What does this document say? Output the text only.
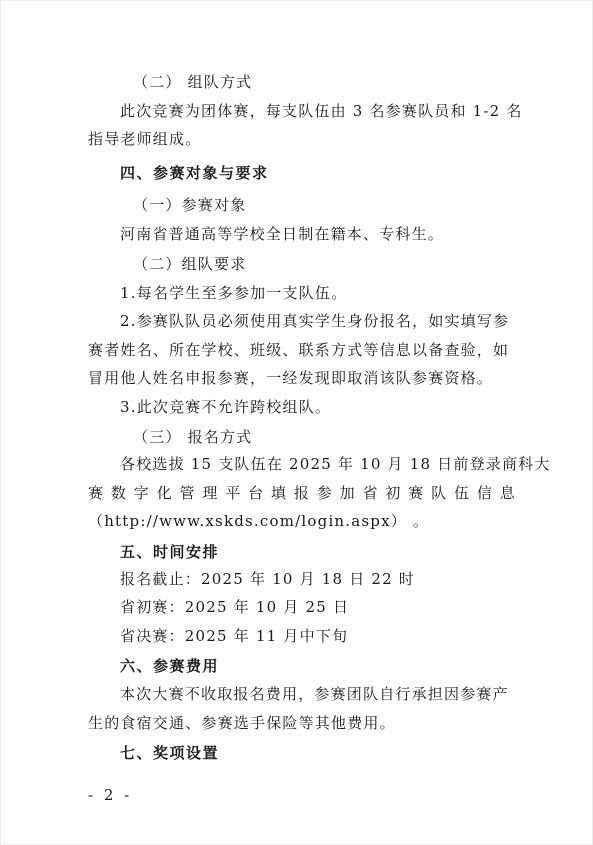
（二） 组队方式
此次竞赛为团体赛，每支队伍由 3 名参赛队员和 1-2 名
指导老师组成。
四、参赛对象与要求
（一）参赛对象
河南省普通高等学校全日制在籍本、专科生。
（二）组队要求
1.每名学生至多参加一支队伍。
2.参赛队队员必须使用真实学生身份报名，如实填写参
赛者姓名、所在学校、班级、联系方式等信息以备查验，如
冒用他人姓名申报参赛，一经发现即取消该队参赛资格。
3.此次竞赛不允许跨校组队。
（三） 报名方式
各校选拔 15 支队伍在 2025 年 10 月 18 日前登录商科大
赛数字化管理平台填报参加省初赛队伍信息
（http://www.xskds.com/login.aspx） 。
五、时间安排
报名截止：2025 年 10 月 18 日 22 时
省初赛：2025 年 10 月 25 日
省决赛：2025 年 11 月中下旬
六、参赛费用
本次大赛不收取报名费用，参赛团队自行承担因参赛产
生的食宿交通、参赛选手保险等其他费用。
七、奖项设置
- 2 -
